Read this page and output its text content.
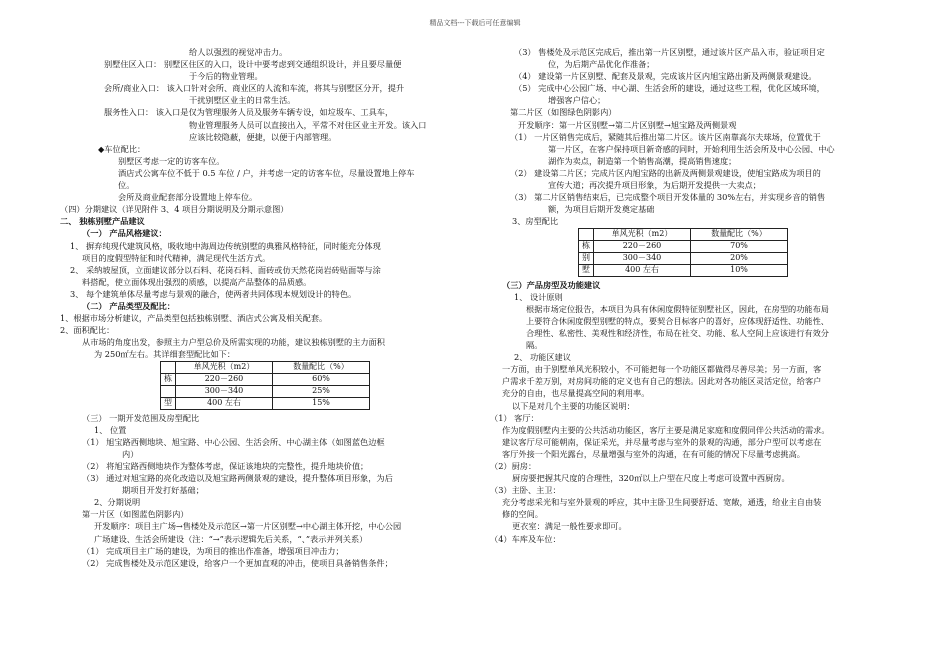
精品文档---下载后可任意编辑
给人以强烈的视觉冲击力。
别墅住区入口： 别墅区住区的入口，设计中要考虑到交通组织设计，并且要尽量便
于今后的物业管理。
会所/商业入口： 该入口针对会所、商业区的人流和车流，将其与别墅区分开，提升
干扰别墅区业主的日常生活。
服务性入口： 该入口是仅为管理服务人员及服务车辆专设，如垃圾车、工具车，
物业管理服务人员可以直接出入，平常不对住区业主开发。该入口
应该比较隐蔽，便捷，以便于内部管理。
◆车位配比：
别墅区考虑一定的访客车位。
酒店式公寓车位不低于 0.5 车位 / 户，并考虑一定的访客车位，尽量设置地上停车
位。
会所及商业配套部分设置地上停车位。
（四）分期建议（详见附件 3、4 项目分期说明及分期示意图）
二、 独栋别墅产品建议
（一） 产品风格建议：
1、 摒弃纯现代建筑风格，吸收地中海周边传统别墅的典雅风格特征，同时能充分体现
项目的度假型特征和时代精神，满足现代生活方式。
2、 采纳坡屋顶，立面建议部分以石料、花岗石料、面砖或仿天然花岗岩砖贴面等与涂
料搭配，使立面体现出强烈的质感，以提高产品整体的品质感。
3、 每个建筑单体尽量考虑与景观的融合，使两者共同体现本规划设计的特色。
（二） 产品类型及配比：
1、根据市场分析建议，产品类型包括独栋别墅、酒店式公寓及相关配套。
2、面积配比：
从市场的角度出发，参照主力户型总价及所需实现的功能，建议独栋别墅的主力面积
为 250㎡左右。其详细套型配比如下：
	单风光积（m2）	数量配比（%）
栋	220－260	60%
	300－340	25%
型	400 左右	15%
（三） 一期开发范围及房型配比
1、 位置
（1） 旭宝路西侧地块、旭宝路、中心公园、生活会所、中心湖主体（如图蓝色边框
内）
（2） 将旭宝路西侧地块作为整体考虑，保证该地块的完整性，提升地块价值；
（3） 通过对旭宝路的亮化改造以及旭宝路两侧景观的建设，提升整体项目形象，为后
期项目开发打好基础；
2、分期说明
第一片区（如图蓝色阴影内）
开发顺序：项目主广场→售楼处及示范区→第一片区别墅→中心湖主体开挖，中心公园
广场建设、生活会所建设（注：“→”表示逻辑先后关系，“、”表示并列关系）
（1） 完成项目主广场的建设，为项目的推出作准备，增强项目冲击力；
（2） 完成售楼处及示范区建设，给客户一个更加直观的冲击，使项目具备销售条件；
（3） 售楼处及示范区完成后，推出第一片区别墅，通过该片区产品入市，验证项目定
位，为后期产品优化作准备；
（4） 建设第一片区别墅、配套及景观，完成该片区内旭宝路出新及两侧景观建设。
（5） 完成中心公园广场、中心湖、生活会所的建设，通过这些工程，优化区域环境，
增强客户信心；
第二片区（如图绿色阴影内）
开发顺序：第一片区别墅→第二片区别墅→旭宝路及两侧景观
（1） 一片区销售完成后，紧随其后推出第二片区。该片区南靠高尔夫球场，位置优于
第一片区，在客户保持项目新奇感的同时，开始利用生活会所及中心公园、中心
湖作为卖点，制造第一个销售高潮，提高销售速度；
（2） 建设第二片区；完成片区内旭宝路的出新及两侧景观建设，使旭宝路成为项目的
宣传大道；再次提升项目形象，为后期开发提供一大卖点；
（3） 第二片区销售结束后，已完成整个项目开发体量的 30%左右，并实现乡音的销售
额，为项目后期开发奠定基础
3、房型配比
	单风光积（m2）	数量配比（%）
栋	220－260	70%
别	300－340	20%
墅	400 左右	10%
（三）产品房型及功能建议
1、 设计原则
根据市场定位报告，本项目为具有休闲度假特征别墅社区，因此，在房型的功能布局
上要符合休闲度假型别墅的特点，要契合目标客户的喜好，应体现舒适性、功能性、
合理性、私密性、美观性和经济性，布局在社交、功能、私人空间上应该进行有效分
隔。
2、 功能区建议
一方面，由于别墅单风光积较小，不可能把每一个功能区都做得尽善尽美；另一方面，客
户需求千差万别，对房间功能的定义也有自己的想法。因此对各功能区灵活定位，给客户
充分的自由，也尽量提高空间的利用率。
以下是对几个主要的功能区说明：
（1） 客厅：
作为度假别墅内主要的公共活动功能区，客厅主要是满足家庭和度假同伴公共活动的需求。
建议客厅尽可能朝南，保证采光，并尽量考虑与室外的景观的沟通，部分户型可以考虑在
客厅外接一个阳光露台，尽量增强与室外的沟通，在有可能的情况下尽量考虑挑高。
（2）厨房：
厨房要把握其尺度的合理性，320㎡以上户型在尺度上考虑可设置中西厨房。
（3）主卧、主卫：
充分考虑采光和与室外景观的呼应，其中主卧卫生间要舒适、宽敞，通透，给业主自由装
修的空间。
更衣室：满足一般性要求即可。
（4）车库及车位：
